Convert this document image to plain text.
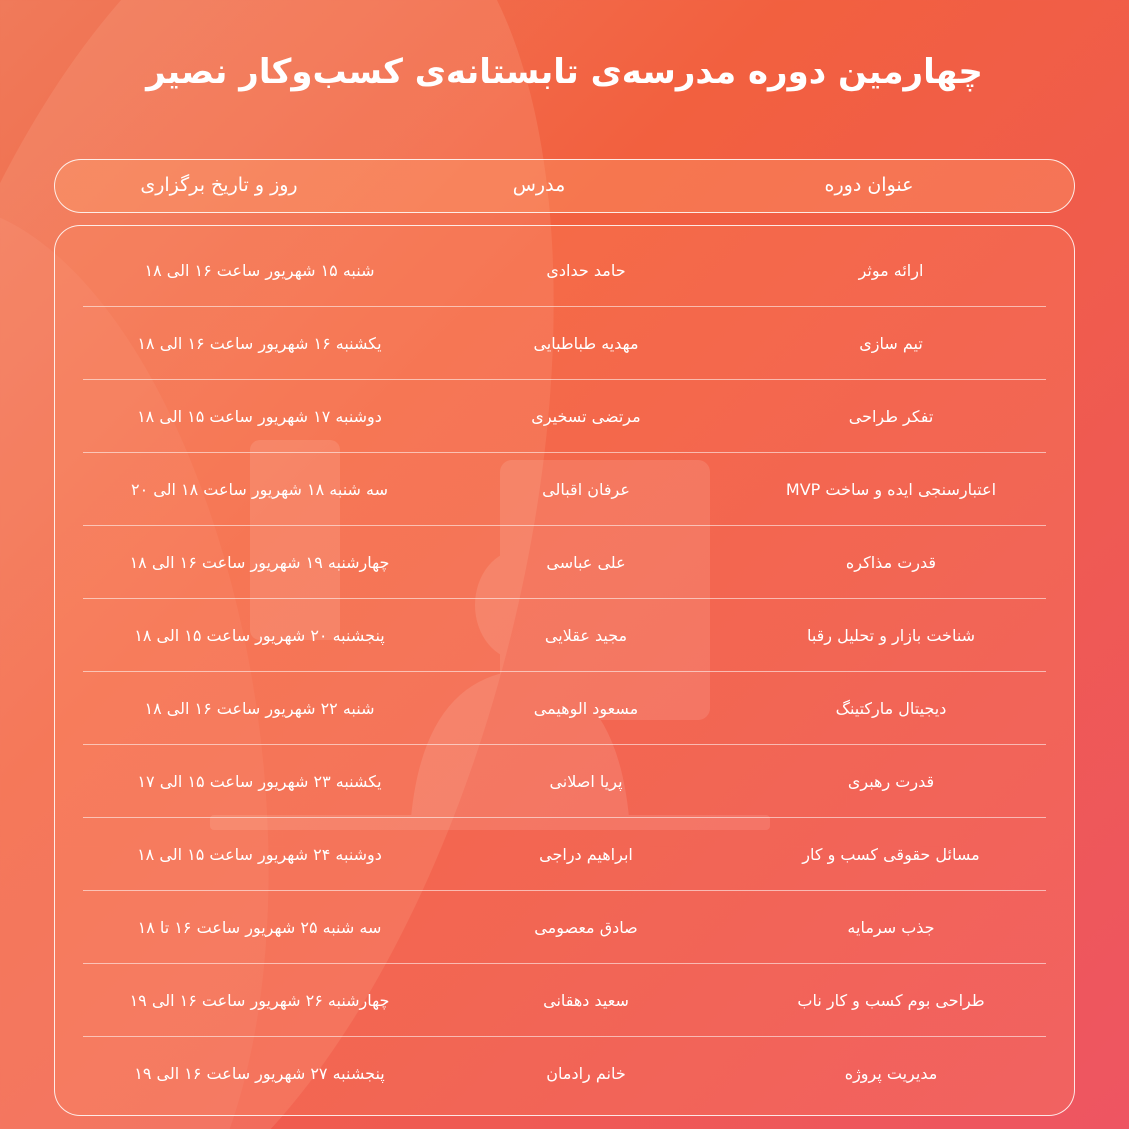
چهارمین دوره مدرسه‌ی تابستانه‌ی کسب‌وکار نصیر
عنوان دوره
مدرس
روز و تاریخ برگزاری
ارائه موثر
حامد حدادی
شنبه ۱۵ شهریور ساعت ۱۶ الی ۱۸
تیم سازی
مهدیه طباطبایی
یکشنبه ۱۶ شهریور ساعت ۱۶ الی ۱۸
تفکر طراحی
مرتضی تسخیری
دوشنبه ۱۷ شهریور ساعت ۱۵ الی ۱۸
اعتبارسنجی ایده و ساخت MVP
عرفان اقبالی
سه شنبه ۱۸ شهریور ساعت ۱۸ الی ۲۰
قدرت مذاکره
علی عباسی
چهارشنبه ۱۹ شهریور ساعت ۱۶ الی ۱۸
شناخت بازار و تحلیل رقبا
مجید عقلایی
پنجشنبه ۲۰ شهریور ساعت ۱۵ الی ۱۸
دیجیتال مارکتینگ
مسعود الوهیمی
شنبه ۲۲ شهریور ساعت ۱۶ الی ۱۸
قدرت رهبری
پریا اصلانی
یکشنبه ۲۳ شهریور ساعت ۱۵ الی ۱۷
مسائل حقوقی کسب و کار
ابراهیم دراجی
دوشنبه ۲۴ شهریور ساعت ۱۵ الی ۱۸
جذب سرمایه
صادق معصومی
سه شنبه ۲۵ شهریور ساعت ۱۶ تا ۱۸
طراحی بوم کسب و کار ناب
سعید دهقانی
چهارشنبه ۲۶ شهریور ساعت ۱۶ الی ۱۹
مدیریت پروژه
خانم رادمان
پنجشنبه ۲۷ شهریور ساعت ۱۶ الی ۱۹
